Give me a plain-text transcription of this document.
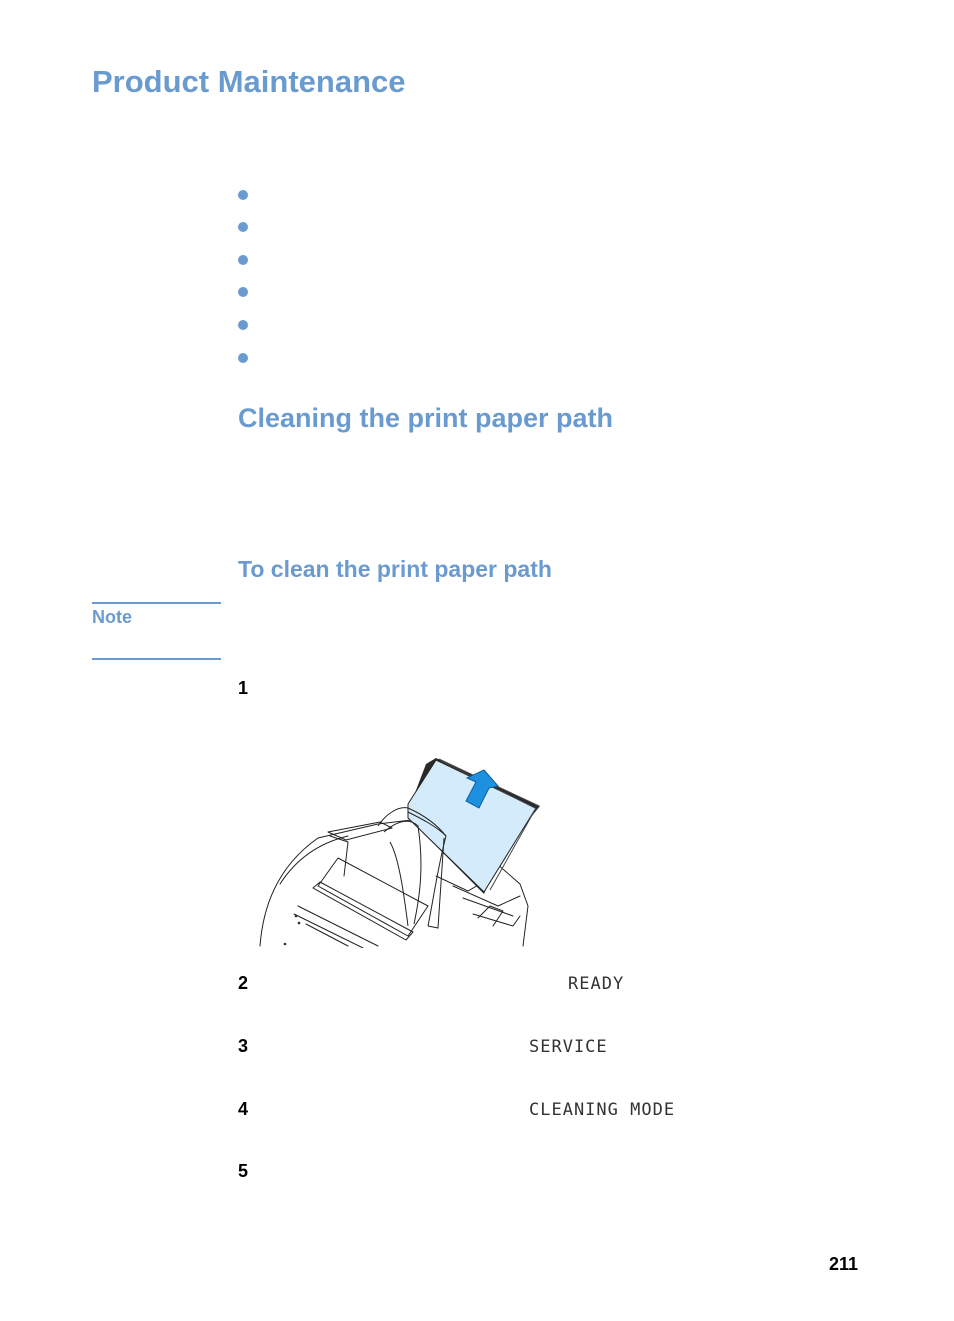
Product Maintenance
Cleaning the print paper path
To clean the print paper path
Note
1
2	READY
3	SERVICE
4	CLEANING MODE
5
211
